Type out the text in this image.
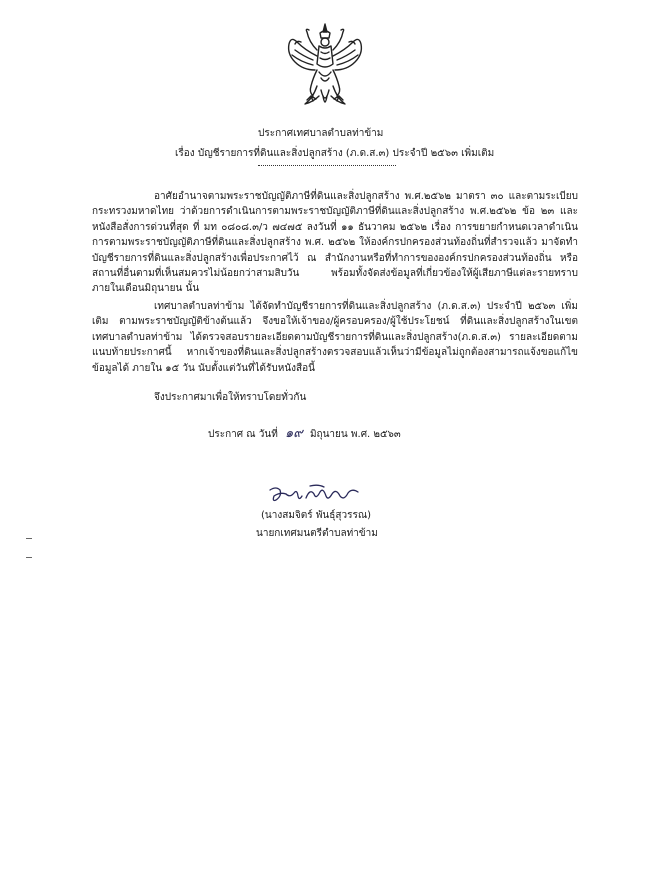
ประกาศเทศบาลตำบลท่าข้าม
เรื่อง บัญชีรายการที่ดินและสิ่งปลูกสร้าง (ภ.ด.ส.๓) ประจำปี ๒๕๖๓ เพิ่มเติม
อาศัยอำนาจตามพระราชบัญญัติภาษีที่ดินและสิ่งปลูกสร้าง พ.ศ.๒๕๖๒ มาตรา ๓๐ และตามระเบียบกระทรวงมหาดไทย ว่าด้วยการดำเนินการตามพระราชบัญญัติภาษีที่ดินและสิ่งปลูกสร้าง พ.ศ.๒๕๖๒ ข้อ ๒๓ และหนังสือสั่งการด่วนที่สุด ที่ มท ๐๘๐๘.๓/ว ๗๔๗๕ ลงวันที่ ๑๑ ธันวาคม ๒๕๖๒ เรื่อง การขยายกำหนดเวลาดำเนินการตามพระราชบัญญัติภาษีที่ดินและสิ่งปลูกสร้าง พ.ศ. ๒๕๖๒ ให้องค์กรปกครองส่วนท้องถิ่นที่สำรวจแล้ว มาจัดทำบัญชีรายการที่ดินและสิ่งปลูกสร้างเพื่อประกาศไว้ ณ สำนักงานหรือที่ทำการขององค์กรปกครองส่วนท้องถิ่น หรือสถานที่อื่นตามที่เห็นสมควรไม่น้อยกว่าสามสิบวัน พร้อมทั้งจัดส่งข้อมูลที่เกี่ยวข้องให้ผู้เสียภาษีแต่ละรายทราบภายในเดือนมิถุนายน นั้น
เทศบาลตำบลท่าข้าม ได้จัดทำบัญชีรายการที่ดินและสิ่งปลูกสร้าง (ภ.ด.ส.๓) ประจำปี ๒๕๖๓ เพิ่มเติม ตามพระราชบัญญัติข้างต้นแล้ว จึงขอให้เจ้าของ/ผู้ครอบครอง/ผู้ใช้ประโยชน์ ที่ดินและสิ่งปลูกสร้างในเขตเทศบาลตำบลท่าข้าม ได้ตรวจสอบรายละเอียดตามบัญชีรายการที่ดินและสิ่งปลูกสร้าง(ภ.ด.ส.๓) รายละเอียดตามแนบท้ายประกาศนี้ หากเจ้าของที่ดินและสิ่งปลูกสร้างตรวจสอบแล้วเห็นว่ามีข้อมูลไม่ถูกต้องสามารถแจ้งขอแก้ไขข้อมูลได้ ภายใน ๑๕ วัน นับตั้งแต่วันที่ได้รับหนังสือนี้
จึงประกาศมาเพื่อให้ทราบโดยทั่วกัน
ประกาศ ณ วันที่ ๑๙ มิถุนายน พ.ศ. ๒๕๖๓
(นางสมจิตร์ พันธุ์สุวรรณ)
นายกเทศมนตรีตำบลท่าข้าม
